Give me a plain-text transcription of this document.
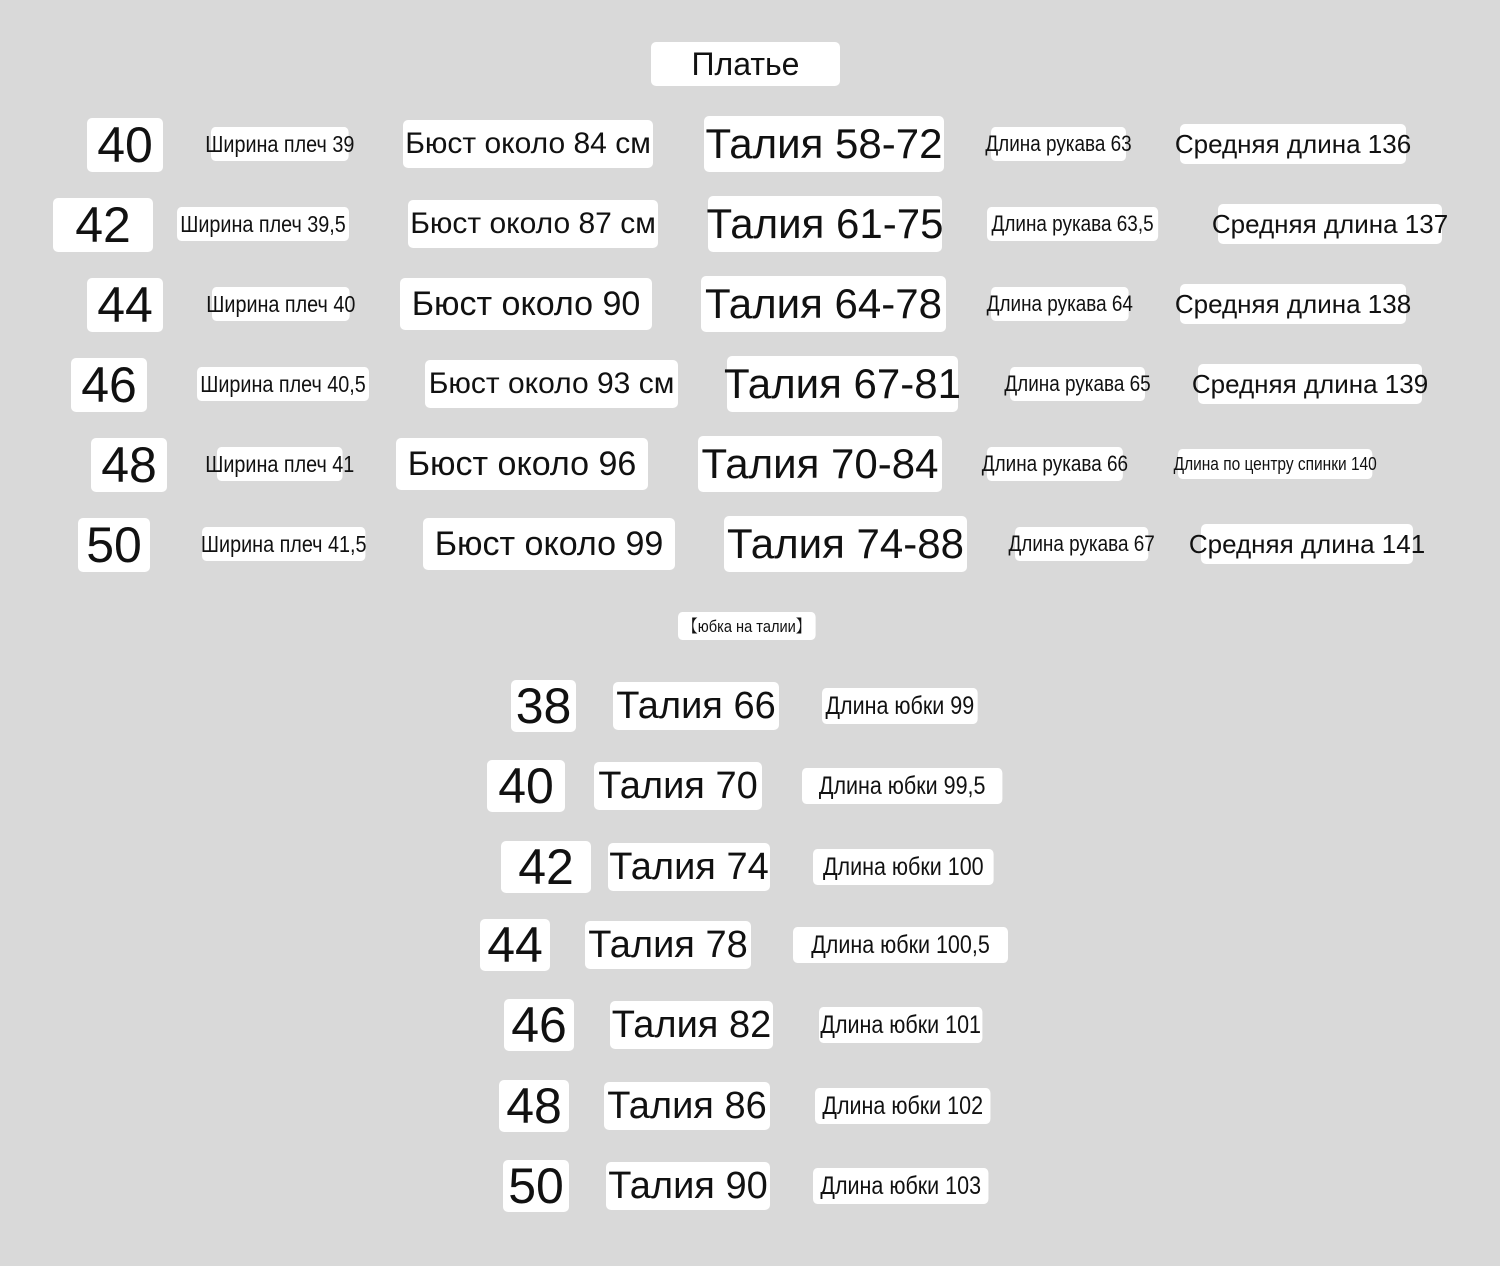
Платье
40	Ширина плеч 39 Бюст около 84 см Талия 58-72 Длина рукава 63 Средняя длина 136
42	Ширина плеч 39,5 Бюст около 87 см Талия 61-75 Длина рукава 63,5 Средняя длина 137
44	Ширина плеч 40	Бюст около 90 Талия 64-78 Длина рукава 64 Средняя длина 138
46	Ширина плеч 40,5 Бюст около 93 см Талия 67-81 Длина рукава 65 Средняя длина 139
48	Ширина плеч 41	Бюст около 96 Талия 70-84 Длина рукава 66	Длина по центру спинки 140
50	Ширина плеч 41,5	Бюст около 99 Талия 74-88 Длина рукава 67 Средняя длина 141
【юбка на талии】
38 Талия 66 Длина юбки 99
40 Талия 70	Длина юбки 99,5
42 Талия 74	Длина юбки 100
44 Талия 78	Длина юбки 100,5
46 Талия 82 Длина юбки 101
48 Талия 86 Длина юбки 102
50 Талия 90 Длина юбки 103
